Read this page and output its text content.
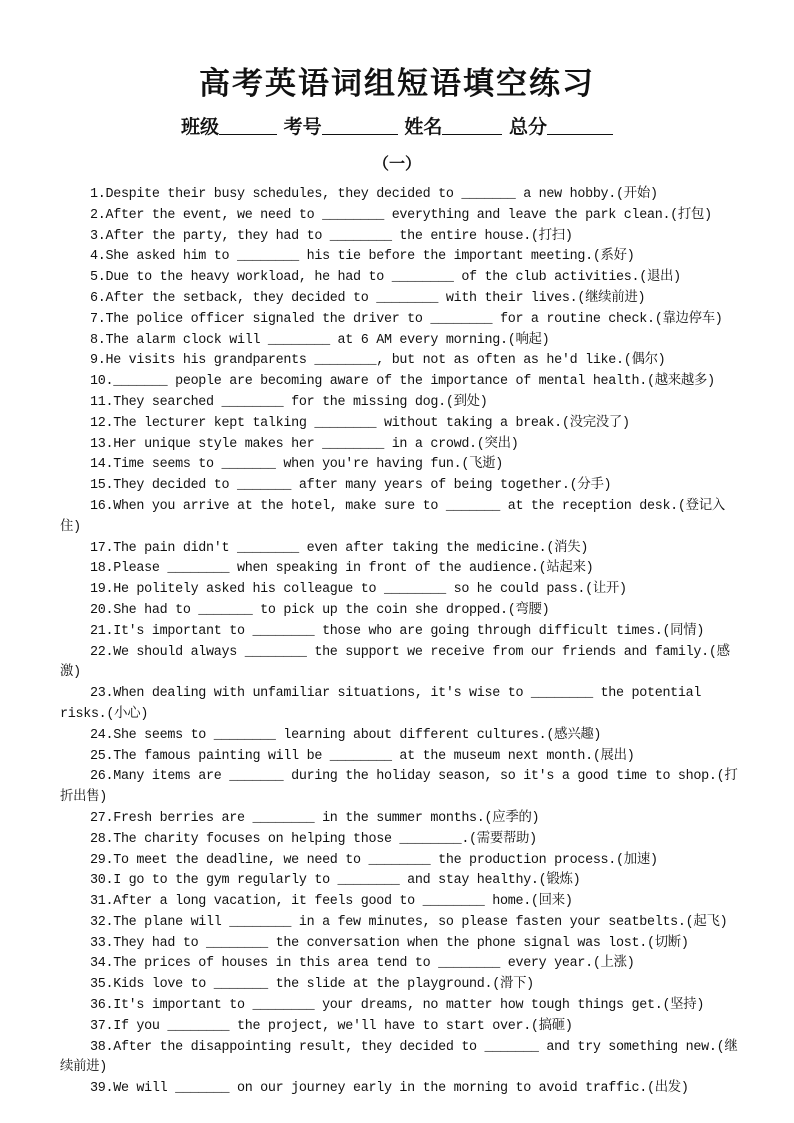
高考英语词组短语填空练习
班级	考号	姓名	总分
（一）

1.Despite their busy schedules, they decided to _______ a new hobby.(开始)

2.After the event, we need to ________ everything and leave the park clean.(打包)

3.After the party, they had to ________ the entire house.(打扫)

4.She asked him to ________ his tie before the important meeting.(系好)

5.Due to the heavy workload, he had to ________ of the club activities.(退出)

6.After the setback, they decided to ________ with their lives.(继续前进)

7.The police officer signaled the driver to ________ for a routine check.(靠边停车)

8.The alarm clock will ________ at 6 AM every morning.(响起)

9.He visits his grandparents ________, but not as often as he'd like.(偶尔)

10._______ people are becoming aware of the importance of mental health.(越来越多)

11.They searched ________ for the missing dog.(到处)

12.The lecturer kept talking ________ without taking a break.(没完没了)

13.Her unique style makes her ________ in a crowd.(突出)

14.Time seems to _______ when you're having fun.(飞逝)

15.They decided to _______ after many years of being together.(分手)

16.When you arrive at the hotel, make sure to _______ at the reception desk.(登记入住)

17.The pain didn't ________ even after taking the medicine.(消失)

18.Please ________ when speaking in front of the audience.(站起来)

19.He politely asked his colleague to ________ so he could pass.(让开)

20.She had to _______ to pick up the coin she dropped.(弯腰)

21.It's important to ________ those who are going through difficult times.(同情)

22.We should always ________ the support we receive from our friends and family.(感激)

23.When dealing with unfamiliar situations, it's wise to ________ the potential risks.(小心)

24.She seems to ________ learning about different cultures.(感兴趣)

25.The famous painting will be ________ at the museum next month.(展出)

26.Many items are _______ during the holiday season, so it's a good time to shop.(打折出售)

27.Fresh berries are ________ in the summer months.(应季的)

28.The charity focuses on helping those ________.(需要帮助)

29.To meet the deadline, we need to ________ the production process.(加速)

30.I go to the gym regularly to ________ and stay healthy.(锻炼)

31.After a long vacation, it feels good to ________ home.(回来)

32.The plane will ________ in a few minutes, so please fasten your seatbelts.(起飞)

33.They had to ________ the conversation when the phone signal was lost.(切断)

34.The prices of houses in this area tend to ________ every year.(上涨)

35.Kids love to _______ the slide at the playground.(滑下)

36.It's important to ________ your dreams, no matter how tough things get.(坚持)

37.If you ________ the project, we'll have to start over.(搞砸)

38.After the disappointing result, they decided to _______ and try something new.(继续前进)

39.We will _______ on our journey early in the morning to avoid traffic.(出发)
